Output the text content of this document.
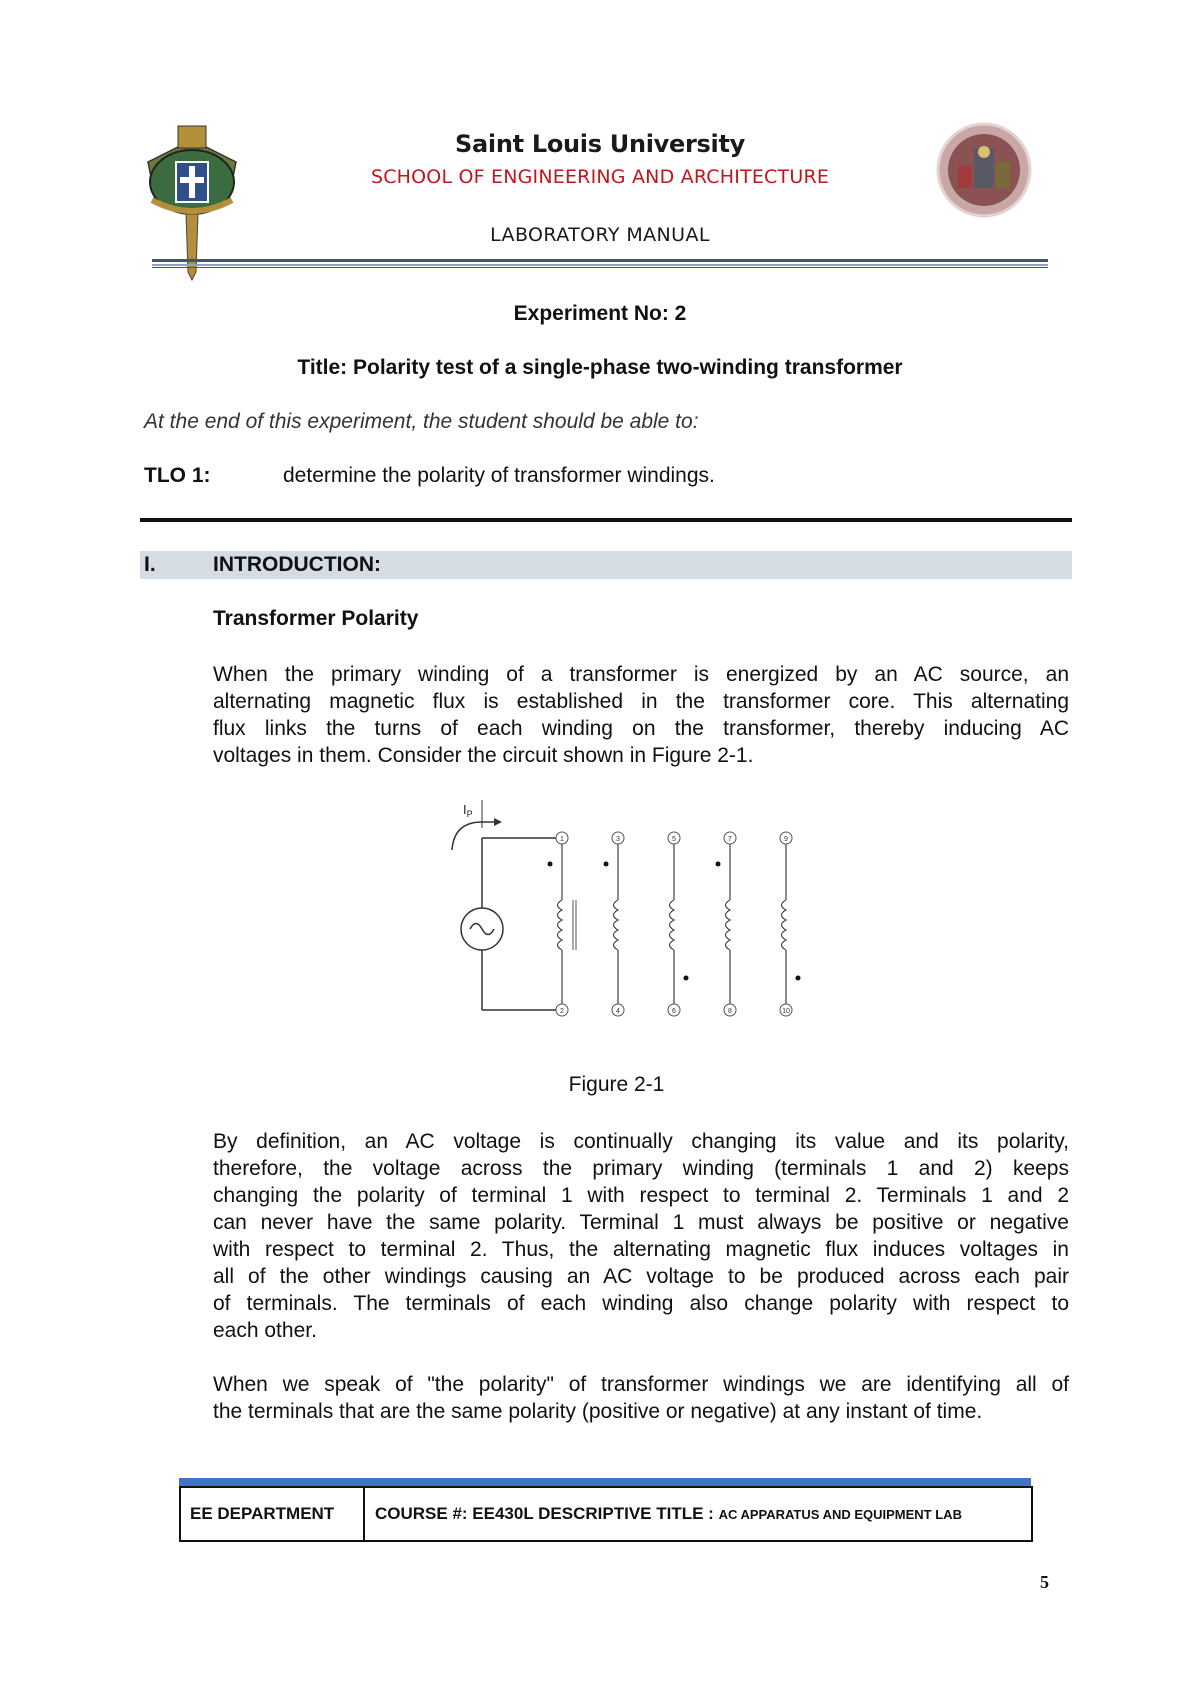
Saint Louis University
SCHOOL OF ENGINEERING AND ARCHITECTURE
LABORATORY MANUAL
Experiment No: 2
Title: Polarity test of a single-phase two-winding transformer
At the end of this experiment, the student should be able to:
TLO 1:	determine the polarity of transformer windings.
I.	INTRODUCTION:
Transformer Polarity
When the primary winding of a transformer is energized by an AC source, an
alternating magnetic flux is established in the transformer core. This alternating
flux links the turns of each winding on the transformer, thereby inducing AC
voltages in them. Consider the circuit shown in Figure 2-1.
$I_P$
1
2
3
4
5
6
7
8
9
10
Figure 2-1
By definition, an AC voltage is continually changing its value and its polarity,
therefore, the voltage across the primary winding (terminals 1 and 2) keeps
changing the polarity of terminal 1 with respect to terminal 2. Terminals 1 and 2
can never have the same polarity. Terminal 1 must always be positive or negative
with respect to terminal 2. Thus, the alternating magnetic flux induces voltages in
all of the other windings causing an AC voltage to be produced across each pair
of terminals. The terminals of each winding also change polarity with respect to
each other.
When we speak of "the polarity" of transformer windings we are identifying all of
the terminals that are the same polarity (positive or negative) at any instant of time.
EE DEPARTMENT	COURSE #: EE430L DESCRIPTIVE TITLE : AC APPARATUS AND EQUIPMENT LAB
5
